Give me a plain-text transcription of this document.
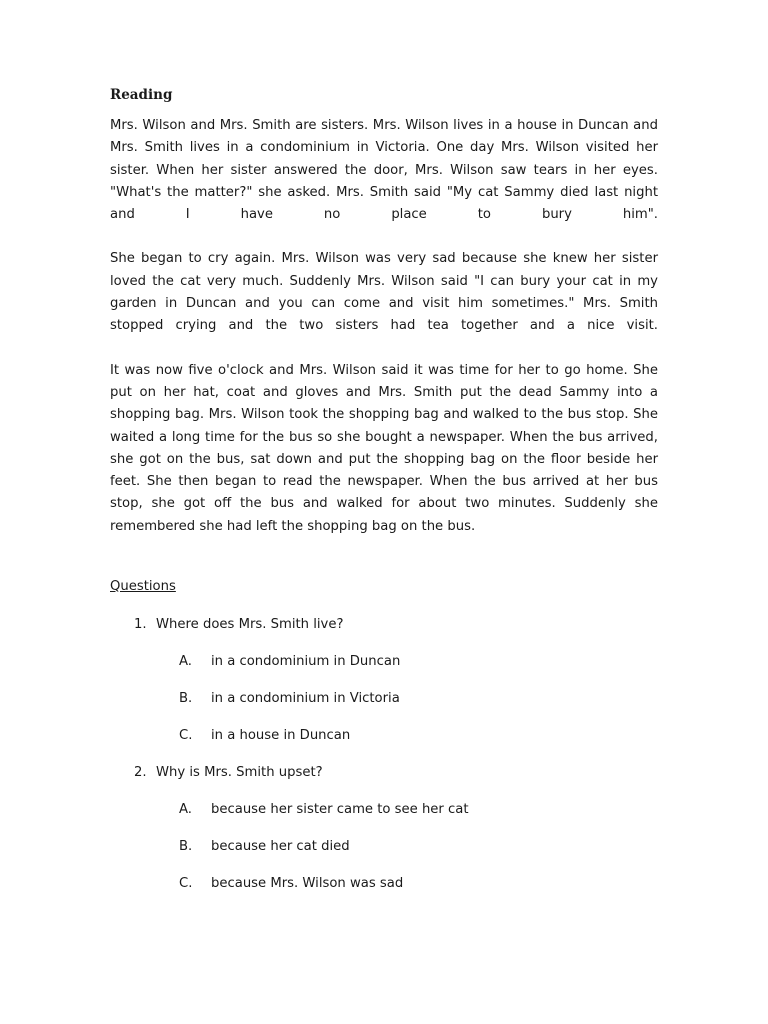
Reading

Mrs. Wilson and Mrs. Smith are sisters. Mrs. Wilson lives in a house in Duncan and Mrs. Smith lives in a condominium in Victoria. One day Mrs. Wilson visited her sister. When her sister answered the door, Mrs. Wilson saw tears in her eyes. "What's the matter?" she asked. Mrs. Smith said "My cat Sammy died last night and I have no place to bury him".

She began to cry again. Mrs. Wilson was very sad because she knew her sister loved the cat very much. Suddenly Mrs. Wilson said "I can bury your cat in my garden in Duncan and you can come and visit him sometimes." Mrs. Smith stopped crying and the two sisters had tea together and a nice visit.

It was now five o'clock and Mrs. Wilson said it was time for her to go home. She put on her hat, coat and gloves and Mrs. Smith put the dead Sammy into a shopping bag. Mrs. Wilson took the shopping bag and walked to the bus stop. She waited a long time for the bus so she bought a newspaper. When the bus arrived, she got on the bus, sat down and put the shopping bag on the floor beside her feet. She then began to read the newspaper. When the bus arrived at her bus stop, she got off the bus and walked for about two minutes. Suddenly she remembered she had left the shopping bag on the bus.

Questions
1. Where does Mrs. Smith live?
A. in a condominium in Duncan
B. in a condominium in Victoria
C. in a house in Duncan
2. Why is Mrs. Smith upset?
A. because her sister came to see her cat
B. because her cat died
C. because Mrs. Wilson was sad
